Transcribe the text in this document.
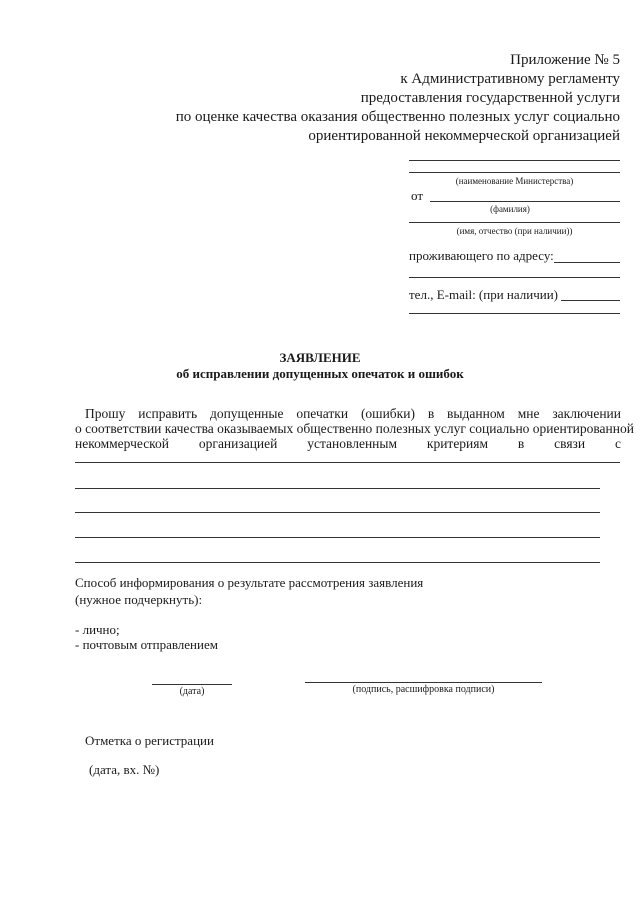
Приложение № 5
к Административному регламенту
предоставления государственной услуги
по оценке качества оказания общественно полезных услуг социально
ориентированной некоммерческой организацией
(наименование Министерства)
от
(фамилия)
(имя, отчество (при наличии))
проживающего по адресу:
тел., E-mail: (при наличии)
ЗАЯВЛЕНИЕ
об исправлении допущенных опечаток и ошибок
Прошу исправить допущенные опечатки (ошибки) в выданном мне заключении
о соответствии качества оказываемых общественно полезных услуг социально ориентированной
некоммерческой организацией установленным критериям в связи с
Способ информирования о результате рассмотрения заявления
(нужное подчеркнуть):
- лично;
- почтовым отправлением
(дата)	(подпись, расшифровка подписи)
Отметка о регистрации
(дата, вх. №)
